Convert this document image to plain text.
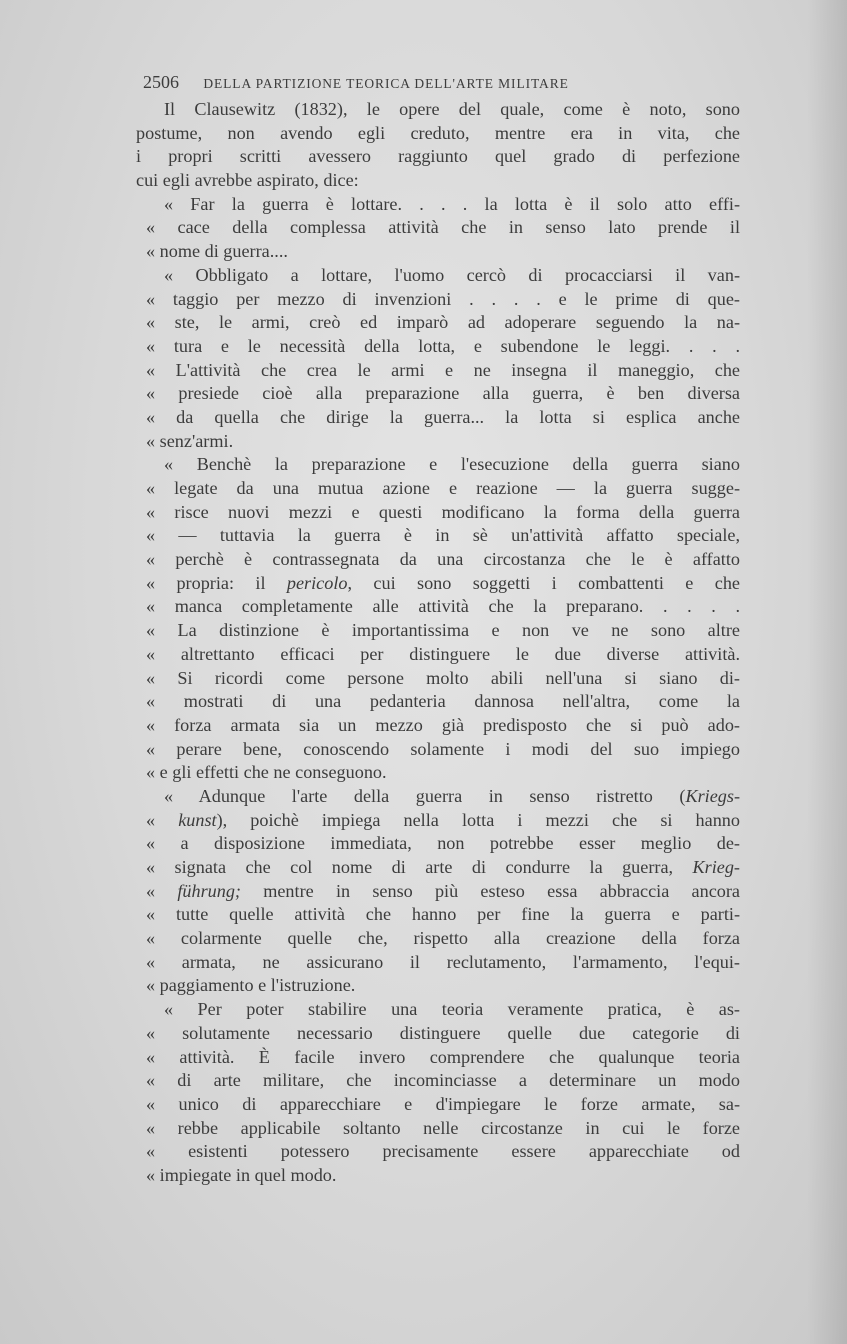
2506 DELLA PARTIZIONE TEORICA DELL'ARTE MILITARE
Il Clausewitz (1832), le opere del quale, come è noto, sono
postume, non avendo egli creduto, mentre era in vita, che
i propri scritti avessero raggiunto quel grado di perfezione
cui egli avrebbe aspirato, dice:
« Far la guerra è lottare. . . . la lotta è il solo atto effi-
« cace della complessa attività che in senso lato prende il
« nome di guerra....
« Obbligato a lottare, l'uomo cercò di procacciarsi il van-
« taggio per mezzo di invenzioni . . . . e le prime di que-
« ste, le armi, creò ed imparò ad adoperare seguendo la na-
« tura e le necessità della lotta, e subendone le leggi. . . .
« L'attività che crea le armi e ne insegna il maneggio, che
« presiede cioè alla preparazione alla guerra, è ben diversa
« da quella che dirige la guerra... la lotta si esplica anche
« senz'armi.
« Benchè la preparazione e l'esecuzione della guerra siano
« legate da una mutua azione e reazione — la guerra sugge-
« risce nuovi mezzi e questi modificano la forma della guerra
« — tuttavia la guerra è in sè un'attività affatto speciale,
« perchè è contrassegnata da una circostanza che le è affatto
« propria: il pericolo, cui sono soggetti i combattenti e che
« manca completamente alle attività che la preparano. . . . .
« La distinzione è importantissima e non ve ne sono altre
« altrettanto efficaci per distinguere le due diverse attività.
« Si ricordi come persone molto abili nell'una si siano di-
« mostrati di una pedanteria dannosa nell'altra, come la
« forza armata sia un mezzo già predisposto che si può ado-
« perare bene, conoscendo solamente i modi del suo impiego
« e gli effetti che ne conseguono.
« Adunque l'arte della guerra in senso ristretto (Kriegs-
« kunst), poichè impiega nella lotta i mezzi che si hanno
« a disposizione immediata, non potrebbe esser meglio de-
« signata che col nome di arte di condurre la guerra, Krieg-
« führung; mentre in senso più esteso essa abbraccia ancora
« tutte quelle attività che hanno per fine la guerra e parti-
« colarmente quelle che, rispetto alla creazione della forza
« armata, ne assicurano il reclutamento, l'armamento, l'equi-
« paggiamento e l'istruzione.
« Per poter stabilire una teoria veramente pratica, è as-
« solutamente necessario distinguere quelle due categorie di
« attività. È facile invero comprendere che qualunque teoria
« di arte militare, che incominciasse a determinare un modo
« unico di apparecchiare e d'impiegare le forze armate, sa-
« rebbe applicabile soltanto nelle circostanze in cui le forze
« esistenti potessero precisamente essere apparecchiate od
« impiegate in quel modo.
